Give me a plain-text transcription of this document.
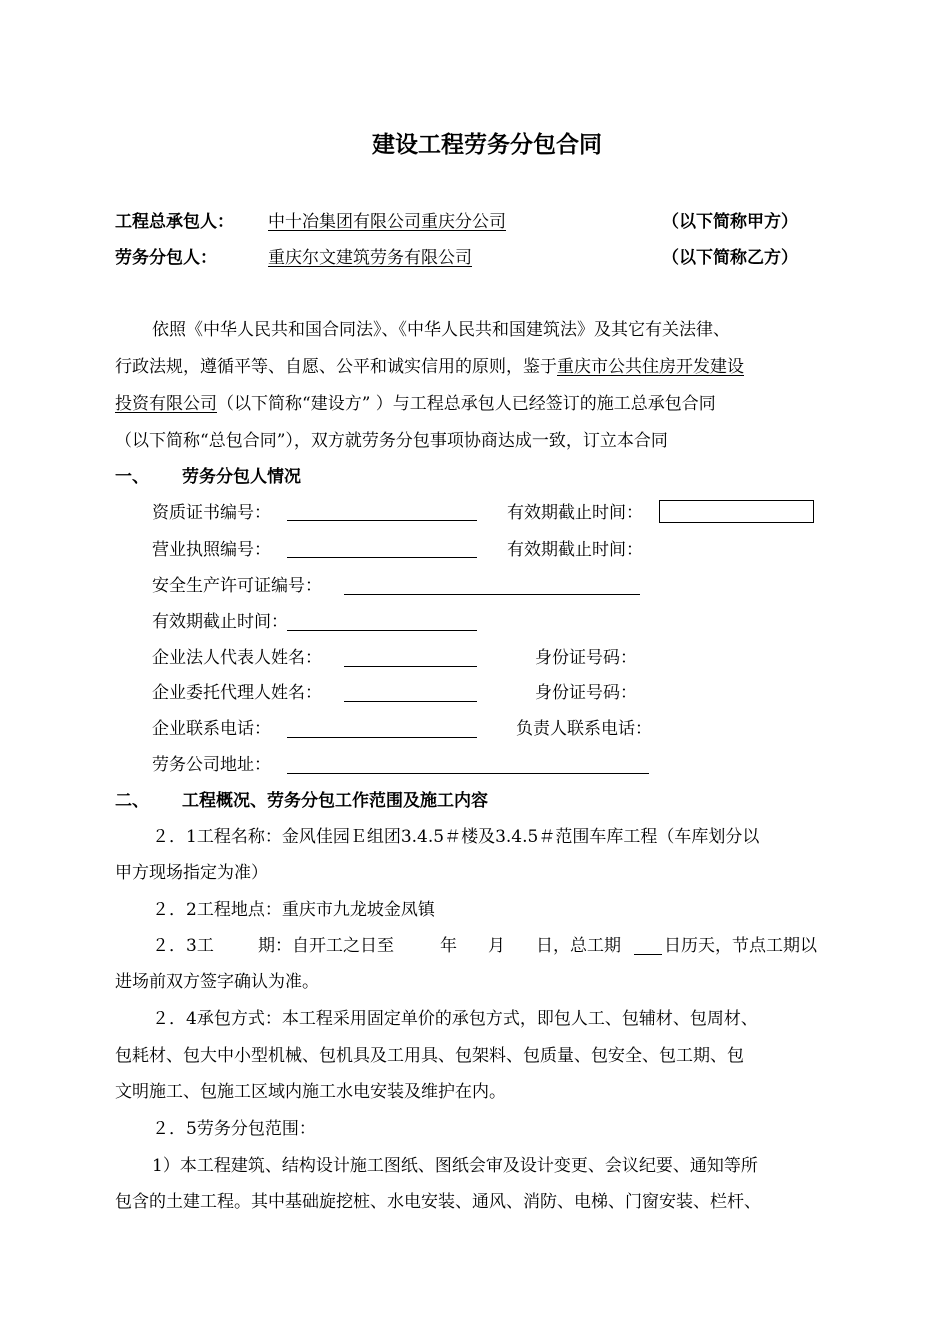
建设工程劳务分包合同
工程总承包人： 中十冶集团有限公司重庆分公司	（以下简称甲方）
劳务分包人：	重庆尔文建筑劳务有限公司	（以下简称乙方）
依照《中华人民共和国合同法》、《中华人民共和国建筑法》及其它有关法律、
行政法规，遵循平等、自愿、公平和诚实信用的原则，鉴于重庆市公共住房开发建设
投资有限公司（以下简称“建设方” ）与工程总承包人已经签订的施工总承包合同
（以下简称“总包合同”），双方就劳务分包事项协商达成一致，订立本合同
一、 劳务分包人情况
资质证书编号：	有效期截止时间：
营业执照编号：	有效期截止时间：
安全生产许可证编号：
有效期截止时间：
企业法人代表人姓名：	身份证号码：
企业委托代理人姓名：	身份证号码：
企业联系电话：	负责人联系电话：
劳务公司地址：
二、 工程概况、劳务分包工作范围及施工内容
２．1工程名称：金风佳园Ｅ组团3.4.5＃楼及3.4.5＃范围车库工程（车库划分以
甲方现场指定为准）
２．2工程地点：重庆市九龙坡金凤镇
２．3工	期：自开工之日至	年 月 日，总工期	日历天，节点工期以
进场前双方签字确认为准。
２．4承包方式：本工程采用固定单价的承包方式，即包人工、包辅材、包周材、
包耗材、包大中小型机械、包机具及工用具、包架料、包质量、包安全、包工期、包
文明施工、包施工区域内施工水电安装及维护在内。
２．5劳务分包范围：
1）本工程建筑、结构设计施工图纸、图纸会审及设计变更、会议纪要、通知等所
包含的土建工程。其中基础旋挖桩、水电安装、通风、消防、电梯、门窗安装、栏杆、
